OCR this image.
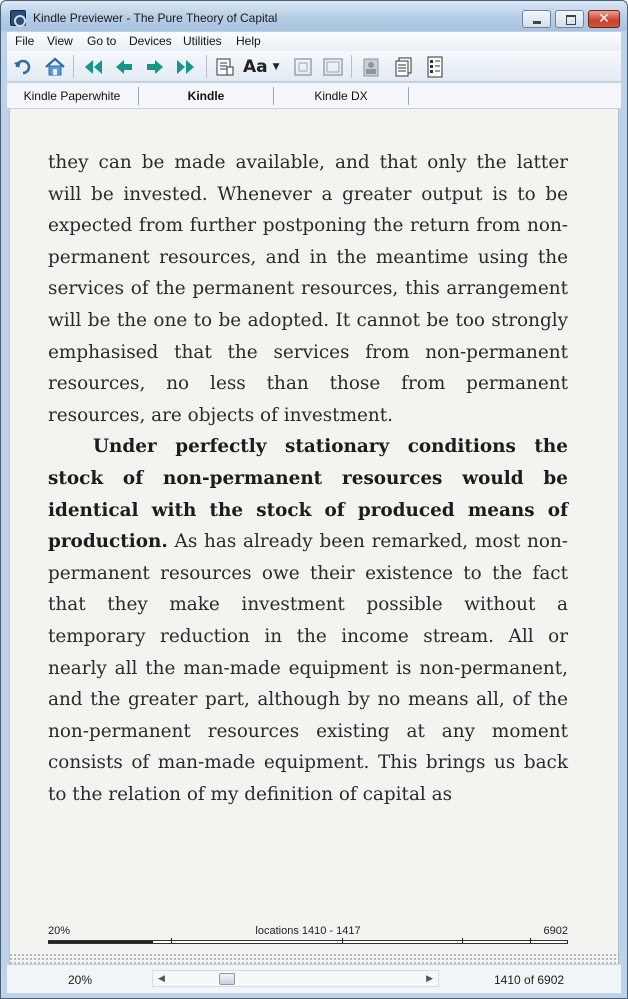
Kindle Previewer - The Pure Theory of Capital	✕
File View Go to Devices Utilities Help
Aa ▼
Kindle Paperwhite	Kindle	Kindle DX

they can be made available, and that only the latter will be invested. Whenever a greater output is to be expected from further postponing the return from non-permanent resources, and in the meantime using the services of the permanent resources, this arrangement will be the one to be adopted. It cannot be too strongly emphasised that the services from non-permanent resources, no less than those from permanent resources, are objects of investment.

Under perfectly stationary conditions the stock of non-permanent resources would be identical with the stock of produced means of production. As has already been remarked, most non-permanent resources owe their existence to the fact that they make investment possible without a temporary reduction in the income stream. All or nearly all the man-made equipment is non-permanent, and the greater part, although by no means all, of the non-permanent resources existing at any moment consists of man-made equipment. This brings us back to the relation of my definition of capital as

20%	locations 1410 - 1417	6902
20%	◀	▶	1410 of 6902
